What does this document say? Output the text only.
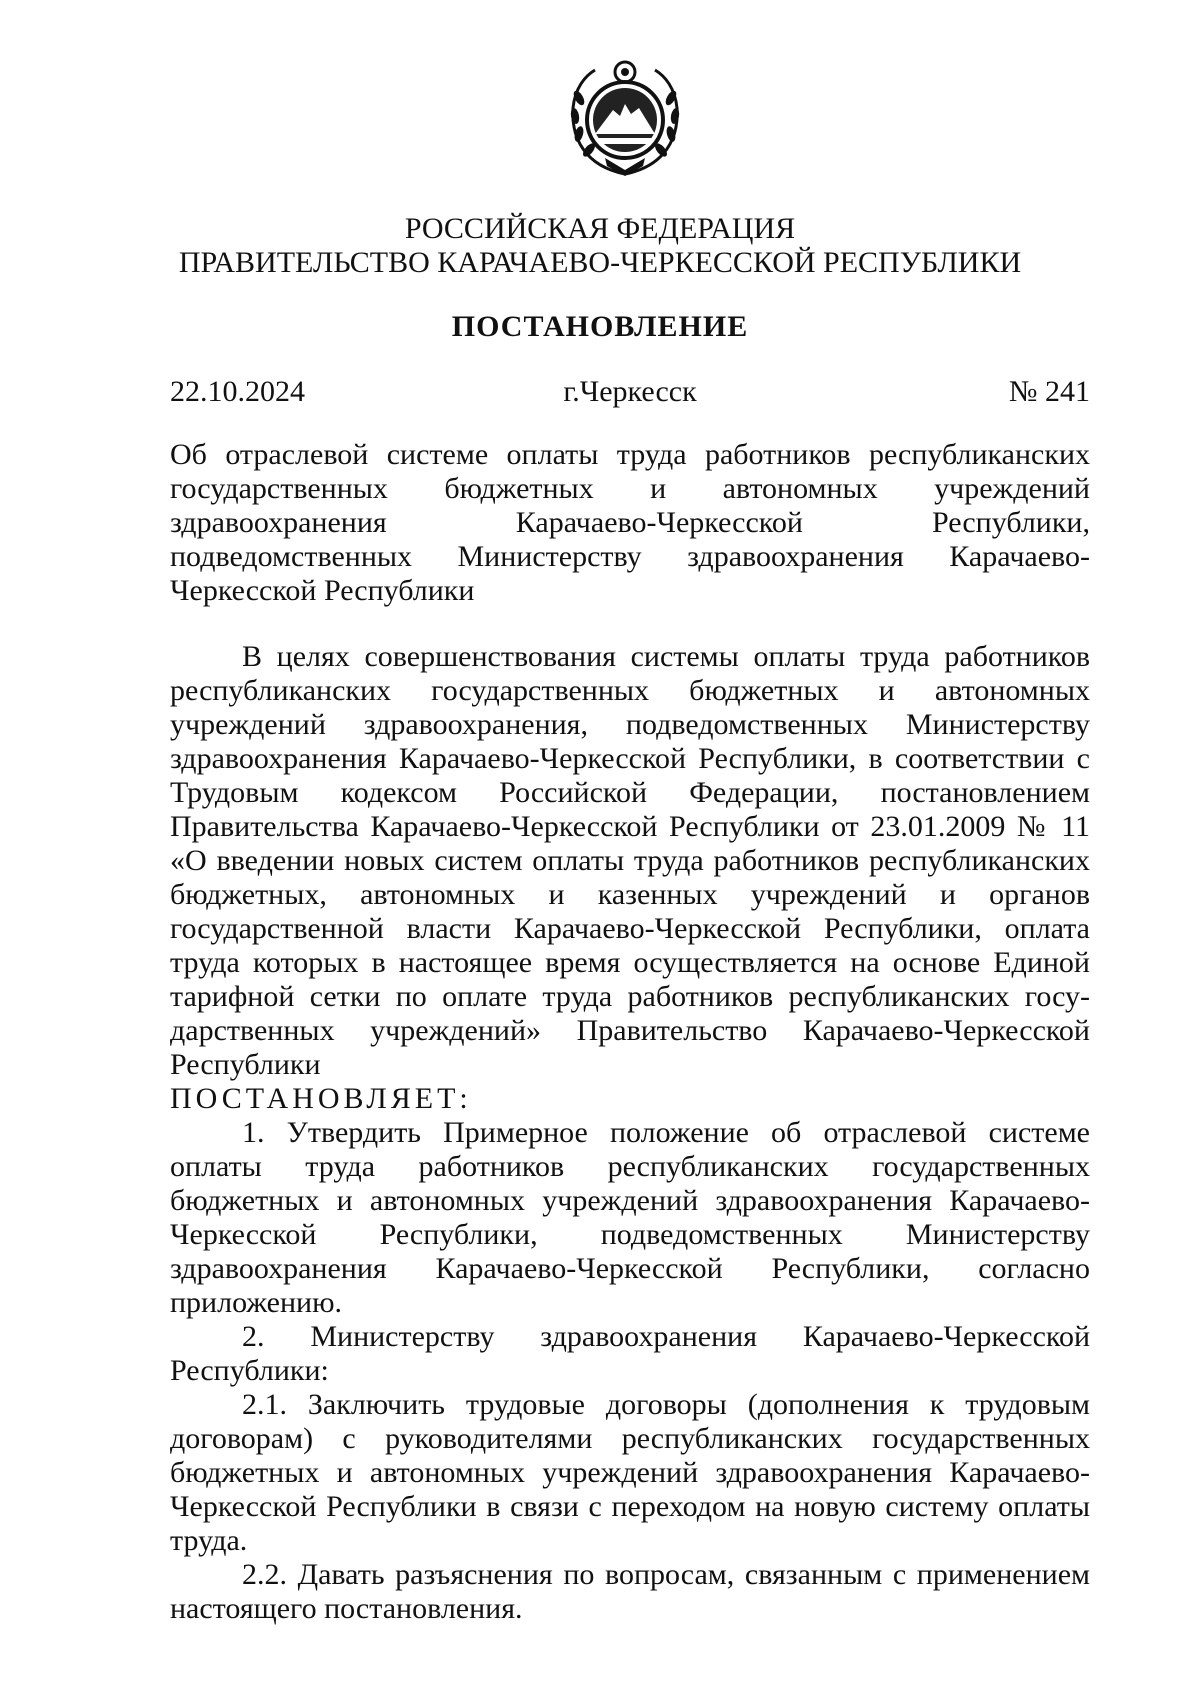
РОССИЙСКАЯ ФЕДЕРАЦИЯ
ПРАВИТЕЛЬСТВО КАРАЧАЕВО-ЧЕРКЕССКОЙ РЕСПУБЛИКИ
ПОСТАНОВЛЕНИЕ
г.Черкесск
22.10.2024	№ 241
Об отраслевой системе оплаты труда работников республиканских государственных бюджетных и автономных учреждений здравоохранения Карачаево-Черкесской Республики, подведомственных Министерству здравоохранения Карачаево-Черкесской Республики

В целях совершенствования системы оплаты труда работников республиканских государственных бюджетных и автономных учреждений здравоохранения, подведомственных Министерству здравоохранения Карачаево-Черкесской Республики, в соответствии с Трудовым кодексом Российской Федерации, постановлением Правительства Карачаево-Черкесской Республики от 23.01.2009 № 11 «О введении новых систем оплаты труда работников республиканских бюджетных, автономных и казенных учреждений и органов государственной власти Карачаево-Черкесской Республики, оплата труда которых в настоящее время осуществляется на основе Единой тарифной сетки по оплате труда работников республиканских государственных учреждений» Правительство Карачаево-Черкесской Республики

ПОСТАНОВЛЯЕТ:

1. Утвердить Примерное положение об отраслевой системе оплаты труда работников республиканских государственных бюджетных и автономных учреждений здравоохранения Карачаево-Черкесской Республики, подведомственных Министерству здравоохранения Карачаево-Черкесской Республики, согласно приложению.

2. Министерству здравоохранения Карачаево-Черкесской Республики:

2.1. Заключить трудовые договоры (дополнения к трудовым договорам) с руководителями республиканских государственных бюджетных и автономных учреждений здравоохранения Карачаево-Черкесской Республики в связи с переходом на новую систему оплаты труда.

2.2. Давать разъяснения по вопросам, связанным с применением настоящего постановления.
